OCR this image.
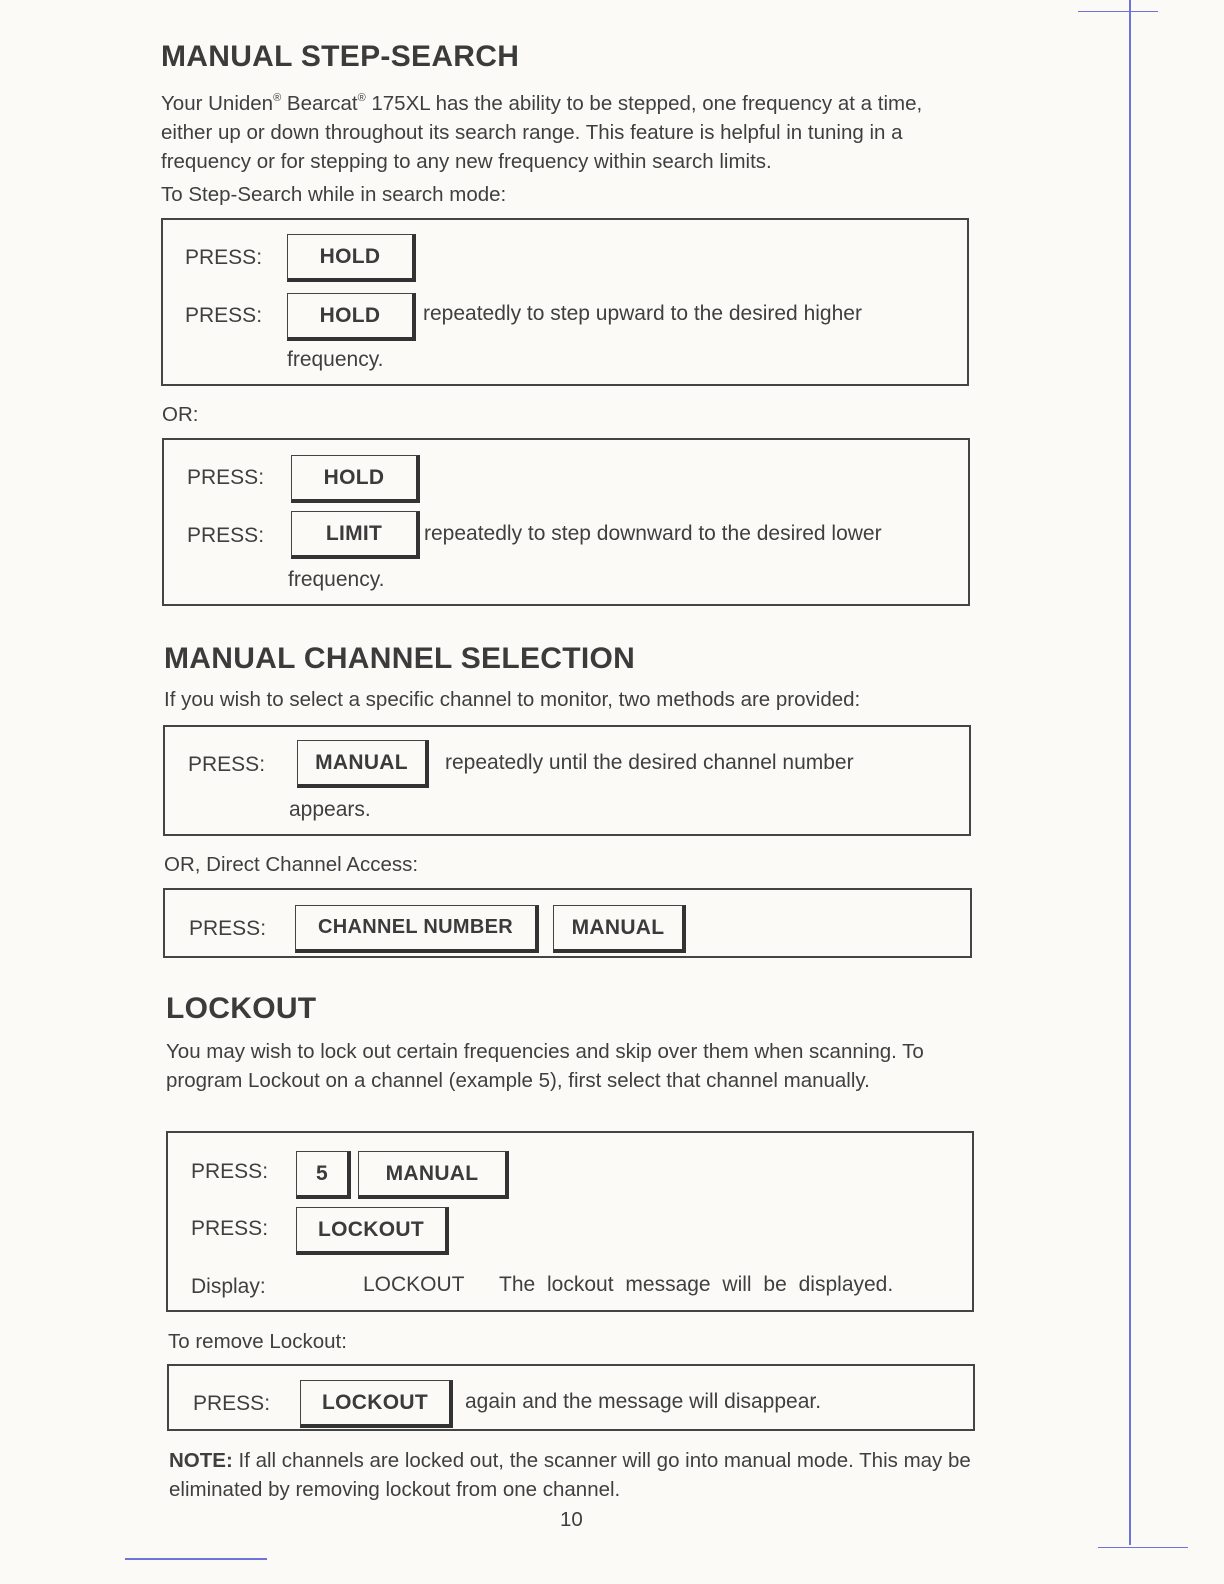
MANUAL STEP-SEARCH

Your Uniden® Bearcat® 175XL has the ability to be stepped, one frequency at a time, either up or down throughout its search range. This feature is helpful in tuning in a frequency or for stepping to any new frequency within search limits.

To Step-Search while in search mode:

PRESS:	HOLD
PRESS:	HOLD	repeatedly to step upward to the desired higher
frequency.

OR:

PRESS:	HOLD
PRESS:	LIMIT	repeatedly to step downward to the desired lower
frequency.
MANUAL CHANNEL SELECTION

If you wish to select a specific channel to monitor, two methods are provided:

PRESS:	MANUAL	repeatedly until the desired channel number
appears.

OR, Direct Channel Access:

PRESS:	CHANNEL NUMBER	MANUAL
LOCKOUT

You may wish to lock out certain frequencies and skip over them when scanning. To program Lockout on a channel (example 5), first select that channel manually.

PRESS:	5	MANUAL
PRESS:	LOCKOUT
Display:	LOCKOUT The lockout message will be displayed.

To remove Lockout:

PRESS:	LOCKOUT	again and the message will disappear.

NOTE: If all channels are locked out, the scanner will go into manual mode. This may be eliminated by removing lockout from one channel.

10
